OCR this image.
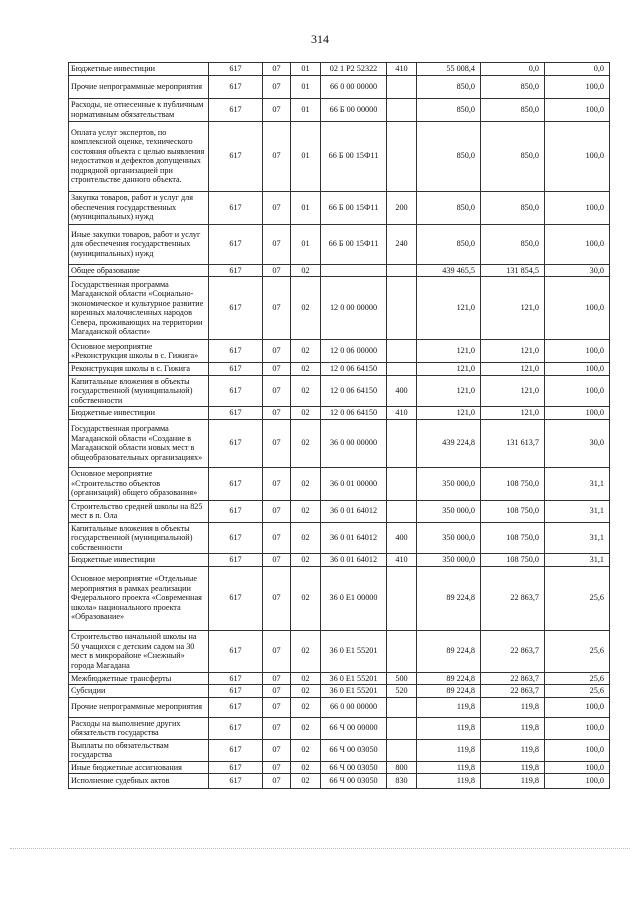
314
Бюджетные инвестиции	617	07	01	02 1 P2 52322	410	55 008,4	0,0	0,0
Прочие непрограммные мероприятия	617	07	01	66 0 00 00000		850,0	850,0	100,0
Расходы, не отнесенные к публичным нормативным обязательствам	617	07	01	66 Б 00 00000		850,0	850,0	100,0
Оплата услуг экспертов, по комплексной оценке, технического состояния объекта с целью выявления недостатков и дефектов допущенных подрядной организацией при строительстве данного объекта.	617	07	01	66 Б 00 15Ф11		850,0	850,0	100,0
Закупка товаров, работ и услуг для обеспечения государственных (муниципальных) нужд	617	07	01	66 Б 00 15Ф11	200	850,0	850,0	100,0
Иные закупки товаров, работ и услуг для обеспечения государственных (муниципальных) нужд	617	07	01	66 Б 00 15Ф11	240	850,0	850,0	100,0
Общее образование	617	07	02			439 465,5	131 854,5	30,0
Государственная программа Магаданской области «Социально-экономическое и культурное развитие коренных малочисленных народов Севера, проживающих на территории Магаданской области»	617	07	02	12 0 00 00000		121,0	121,0	100,0
Основное мероприятие «Реконструкция школы в с. Гижига»	617	07	02	12 0 06 00000		121,0	121,0	100,0
Реконструкция школы в с. Гижига	617	07	02	12 0 06 64150		121,0	121,0	100,0
Капитальные вложения в объекты государственной (муниципальной) собственности	617	07	02	12 0 06 64150	400	121,0	121,0	100,0
Бюджетные инвестиции	617	07	02	12 0 06 64150	410	121,0	121,0	100,0
Государственная программа Магаданской области «Создание в Магаданской области новых мест в общеобразовательных организациях»	617	07	02	36 0 00 00000		439 224,8	131 613,7	30,0
Основное мероприятие «Строительство объектов (организаций) общего образования»	617	07	02	36 0 01 00000		350 000,0	108 750,0	31,1
Строительство средней школы на 825 мест в п. Ола	617	07	02	36 0 01 64012		350 000,0	108 750,0	31,1
Капитальные вложения в объекты государственной (муниципальной) собственности	617	07	02	36 0 01 64012	400	350 000,0	108 750,0	31,1
Бюджетные инвестиции	617	07	02	36 0 01 64012	410	350 000,0	108 750,0	31,1
Основное мероприятие «Отдельные мероприятия в рамках реализации Федерального проекта «Современная школа» национального проекта «Образование»	617	07	02	36 0 E1 00000		89 224,8	22 863,7	25,6
Строительство начальной школы на 50 учащихся с детским садом на 30 мест в микрорайоне «Снежный» города Магадана	617	07	02	36 0 E1 55201		89 224,8	22 863,7	25,6
Межбюджетные трансферты	617	07	02	36 0 E1 55201	500	89 224,8	22 863,7	25,6
Субсидии	617	07	02	36 0 E1 55201	520	89 224,8	22 863,7	25,6
Прочие непрограммные мероприятия	617	07	02	66 0 00 00000		119,8	119,8	100,0
Расходы на выполнение других обязательств государства	617	07	02	66 Ч 00 00000		119,8	119,8	100,0
Выплаты по обязательствам государства	617	07	02	66 Ч 00 03050		119,8	119,8	100,0
Иные бюджетные ассигнования	617	07	02	66 Ч 00 03050	800	119,8	119,8	100,0
Исполнение судебных актов	617	07	02	66 Ч 00 03050	830	119,8	119,8	100,0
